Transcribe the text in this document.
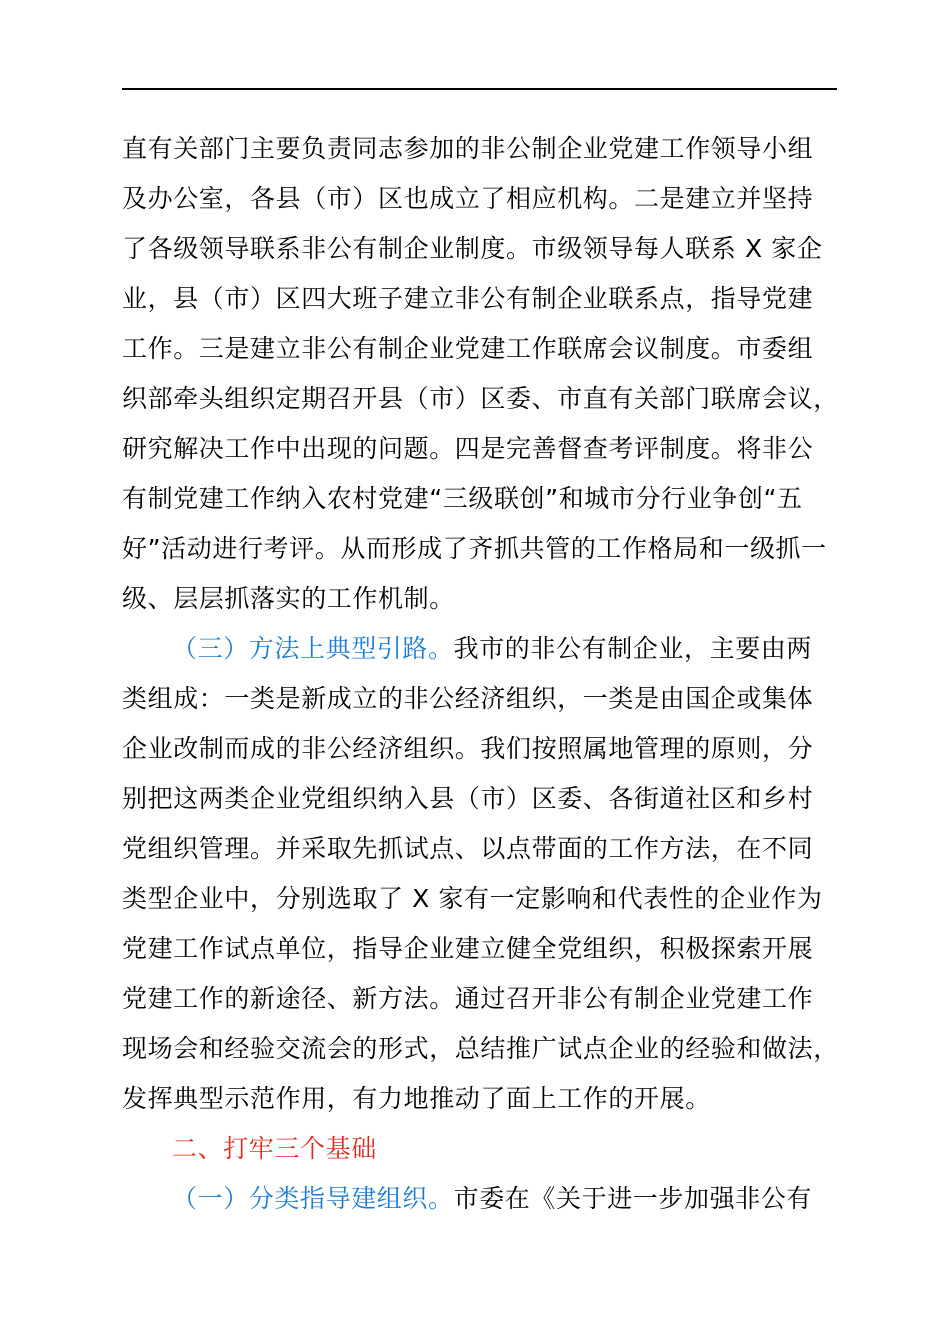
直有关部门主要负责同志参加的非公制企业党建工作领导小组
及办公室，各县（市）区也成立了相应机构。二是建立并坚持
了各级领导联系非公有制企业制度。市级领导每人联系 X 家企
业，县（市）区四大班子建立非公有制企业联系点，指导党建
工作。三是建立非公有制企业党建工作联席会议制度。市委组
织部牵头组织定期召开县（市）区委、市直有关部门联席会议，
研究解决工作中出现的问题。四是完善督查考评制度。将非公
有制党建工作纳入农村党建“三级联创”和城市分行业争创“五
好”活动进行考评。从而形成了齐抓共管的工作格局和一级抓一
级、层层抓落实的工作机制。
（三）方法上典型引路。我市的非公有制企业，主要由两
类组成：一类是新成立的非公经济组织，一类是由国企或集体
企业改制而成的非公经济组织。我们按照属地管理的原则，分
别把这两类企业党组织纳入县（市）区委、各街道社区和乡村
党组织管理。并采取先抓试点、以点带面的工作方法，在不同
类型企业中，分别选取了 X 家有一定影响和代表性的企业作为
党建工作试点单位，指导企业建立健全党组织，积极探索开展
党建工作的新途径、新方法。通过召开非公有制企业党建工作
现场会和经验交流会的形式，总结推广试点企业的经验和做法，
发挥典型示范作用，有力地推动了面上工作的开展。
二、打牢三个基础
（一）分类指导建组织。市委在《关于进一步加强非公有
